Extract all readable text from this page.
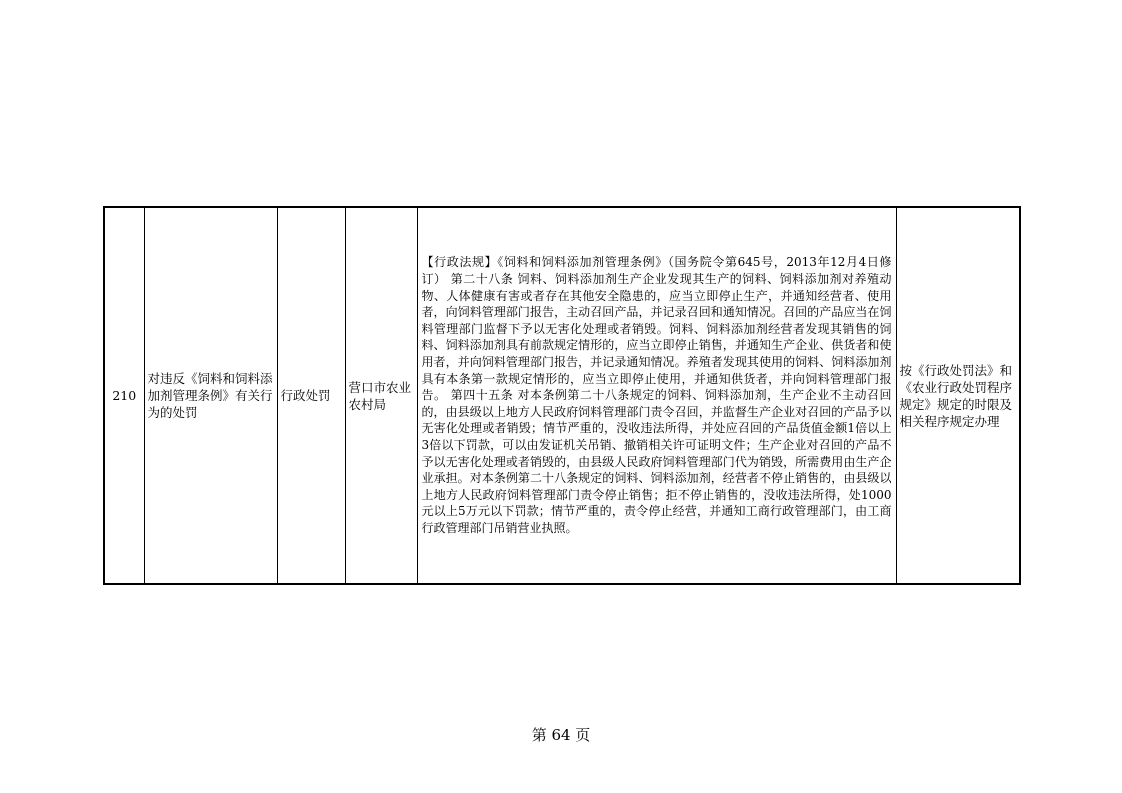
210	对违反《饲料和饲料添加剂管理条例》有关行为的处罚	行政处罚	营口市农业农村局	【行政法规】《饲料和饲料添加剂管理条例》（国务院令第645号，2013年12月4日修订） 第二十八条 饲料、饲料添加剂生产企业发现其生产的饲料、饲料添加剂对养殖动物、人体健康有害或者存在其他安全隐患的，应当立即停止生产，并通知经营者、使用者，向饲料管理部门报告，主动召回产品，并记录召回和通知情况。召回的产品应当在饲料管理部门监督下予以无害化处理或者销毁。饲料、饲料添加剂经营者发现其销售的饲料、饲料添加剂具有前款规定情形的，应当立即停止销售，并通知生产企业、供货者和使用者，并向饲料管理部门报告，并记录通知情况。养殖者发现其使用的饲料、饲料添加剂具有本条第一款规定情形的，应当立即停止使用，并通知供货者，并向饲料管理部门报告。 第四十五条 对本条例第二十八条规定的饲料、饲料添加剂，生产企业不主动召回的，由县级以上地方人民政府饲料管理部门责令召回，并监督生产企业对召回的产品予以无害化处理或者销毁；情节严重的，没收违法所得，并处应召回的产品货值金额1倍以上3倍以下罚款，可以由发证机关吊销、撤销相关许可证明文件；生产企业对召回的产品不予以无害化处理或者销毁的，由县级人民政府饲料管理部门代为销毁，所需费用由生产企业承担。对本条例第二十八条规定的饲料、饲料添加剂，经营者不停止销售的，由县级以上地方人民政府饲料管理部门责令停止销售；拒不停止销售的，没收违法所得，处1000元以上5万元以下罚款；情节严重的，责令停止经营，并通知工商行政管理部门，由工商行政管理部门吊销营业执照。	按《行政处罚法》和《农业行政处罚程序规定》规定的时限及相关程序规定办理
第 64 页
